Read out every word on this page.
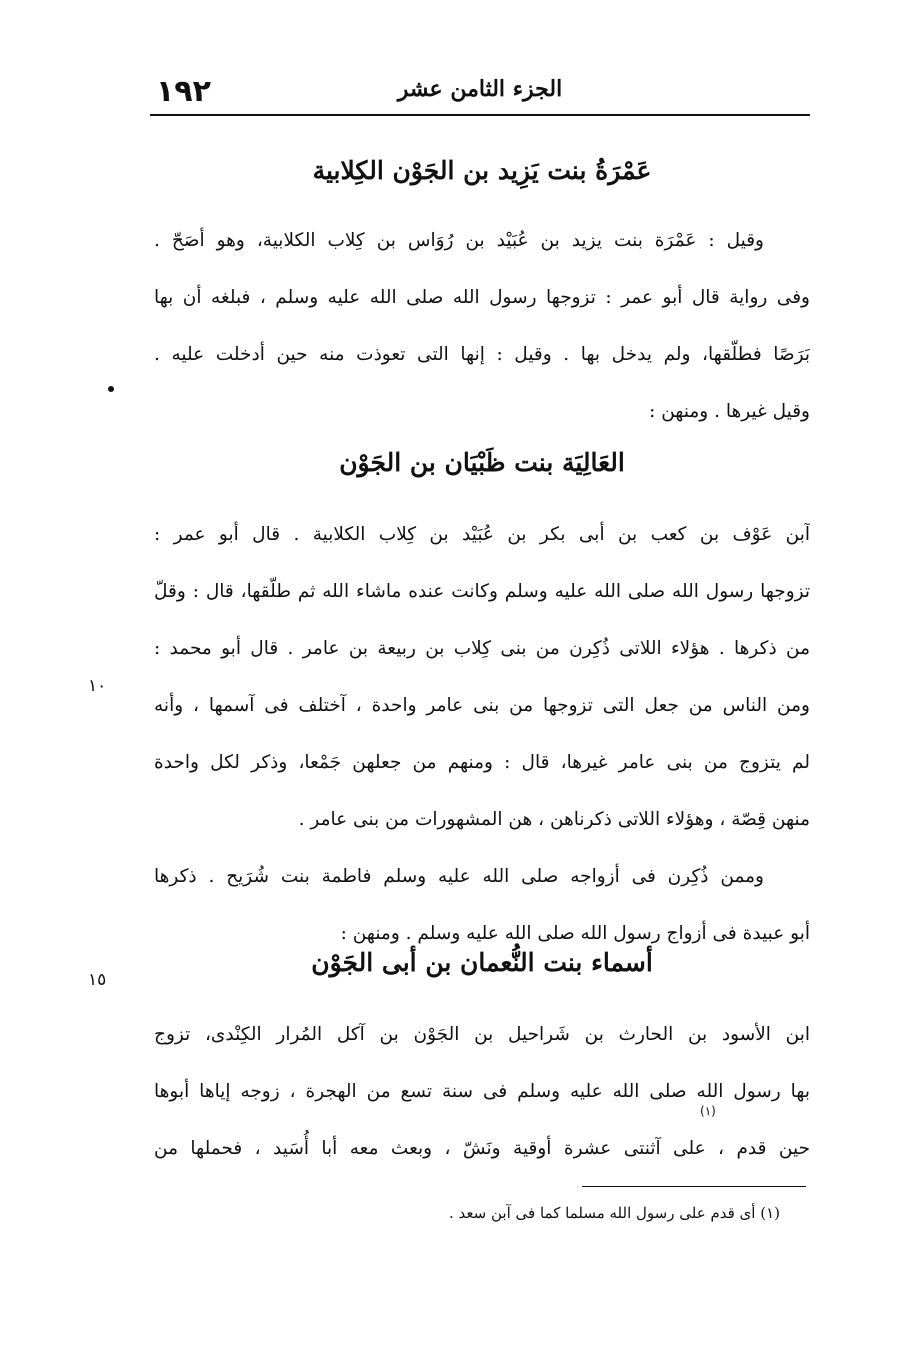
١٩٢	الجزء الثامن عشر
عَمْرَةُ بنت يَزِيد بن الجَوْن الكِلابية
وقيل : عَمْرَة بنت يزيد بن عُبَيْد بن رُوَاس بن كِلاب الكلابية، وهو أصَحّ .
وفى رواية قال أبو عمر : تزوجها رسول الله صلى الله عليه وسلم ، فبلغه أن بها
بَرَصًا فطلّقها، ولم يدخل بها . وقيل : إنها التى تعوذت منه حين أدخلت عليه .
وقيل غيرها . ومنهن :
العَالِيَة بنت ظَبْيَان بن الجَوْن
آبن عَوْف بن كعب بن أبى بكر بن عُبَيْد بن كِلاب الكلابية . قال أبو عمر :
تزوجها رسول الله صلى الله عليه وسلم وكانت عنده ماشاء الله ثم طلّقها، قال : وقلّ
من ذكرها . هؤلاء اللاتى ذُكِرن من بنى كِلاب بن ربيعة بن عامر . قال أبو محمد :
ومن الناس من جعل التى تزوجها من بنى عامر واحدة ، آختلف فى آسمها ، وأنه
لم يتزوج من بنى عامر غيرها، قال : ومنهم من جعلهن جَمْعا، وذكر لكل واحدة
منهن قِصّة ، وهؤلاء اللاتى ذكرناهن ، هن المشهورات من بنى عامر .
وممن ذُكِرن فى أزواجه صلى الله عليه وسلم فاطمة بنت شُرَيح . ذكرها
أبو عبيدة فى أزواج رسول الله صلى الله عليه وسلم . ومنهن :
١٠
أسماء بنت النُّعمان بن أبى الجَوْن
١٥
ابن الأسود بن الحارث بن شَراحيل بن الجَوْن بن آكل المُرار الكِنْدى، تزوج
بها رسول الله صلى الله عليه وسلم فى سنة تسع من الهجرة ، زوجه إياها أبوها
حين قدم ، على آثنتى عشرة أوقية ونَشّ ، وبعث معه أبا أُسَيد ، فحملها من
(١)
(١) أى قدم على رسول الله مسلما كما فى آبن سعد .
